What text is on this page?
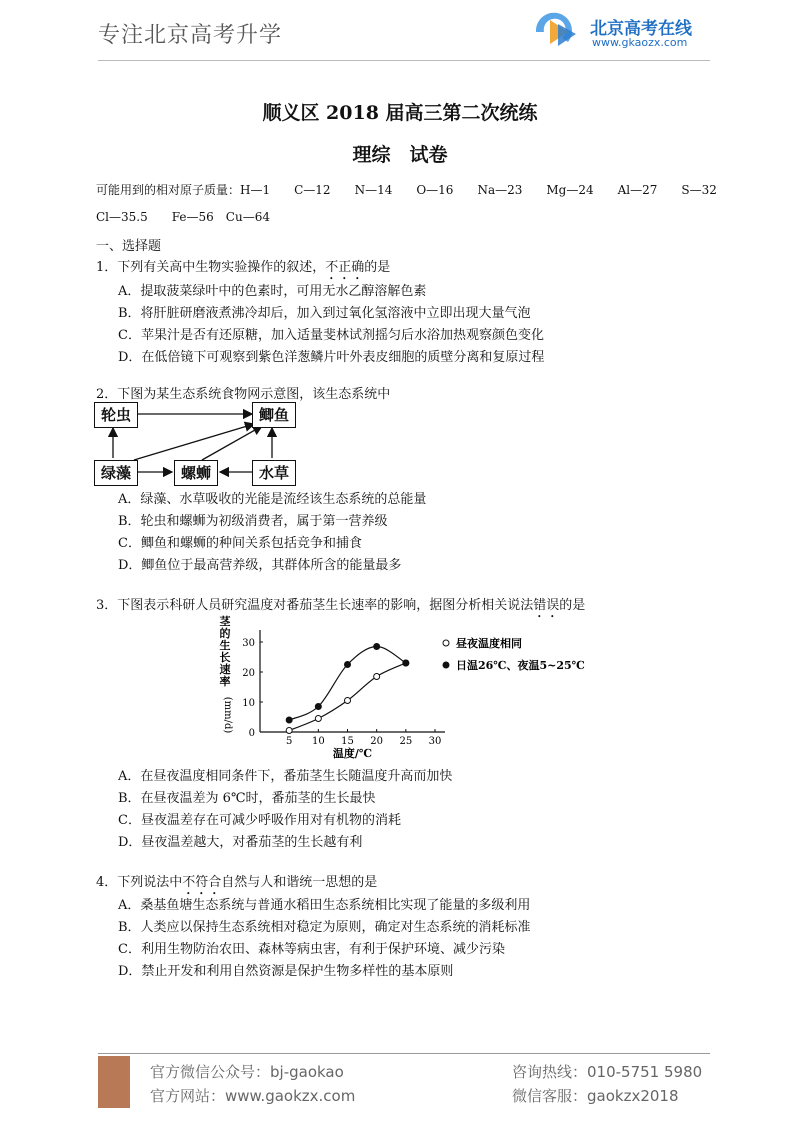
专注北京高考升学	北京高考在线
www.gkaozx.com
顺义区 2018 届高三第二次统练
理综　试卷
可能用到的相对原子质量：H—1　　C—12　　N—14　　O—16　　Na—23　　Mg—24　　Al—27　　S—32
Cl—35.5　　Fe—56　Cu—64
一、选择题
1．下列有关高中生物实验操作的叙述，不正确的是
A．提取菠菜绿叶中的色素时，可用无水乙醇溶解色素
B．将肝脏研磨液煮沸冷却后，加入到过氧化氢溶液中立即出现大量气泡
C．苹果汁是否有还原糖，加入适量斐林试剂摇匀后水浴加热观察颜色变化
D．在低倍镜下可观察到紫色洋葱鳞片叶外表皮细胞的质壁分离和复原过程
2．下图为某生态系统食物网示意图，该生态系统中
轮虫	鲫鱼
绿藻	螺蛳	水草
A．绿藻、水草吸收的光能是流经该生态系统的总能量
B．轮虫和螺蛳为初级消费者，属于第一营养级
C．鲫鱼和螺蛳的种间关系包括竞争和捕食
D．鲫鱼位于最高营养级，其群体所含的能量最多
3．下图表示科研人员研究温度对番茄茎生长速率的影响，据图分析相关说法错误的是
5 10 15 20 25 30
0
10
20
30
茎
的
生
长
速
率
(mm/d)
温度/℃
昼夜温度相同
日温26℃、夜温5~25℃
A．在昼夜温度相同条件下，番茄茎生长随温度升高而加快
B．在昼夜温差为 6℃时，番茄茎的生长最快
C．昼夜温差存在可减少呼吸作用对有机物的消耗
D．昼夜温差越大，对番茄茎的生长越有利
4．下列说法中不符合自然与人和谐统一思想的是
A．桑基鱼塘生态系统与普通水稻田生态系统相比实现了能量的多级利用
B．人类应以保持生态系统相对稳定为原则，确定对生态系统的消耗标准
C．利用生物防治农田、森林等病虫害，有利于保护环境、减少污染
D．禁止开发和利用自然资源是保护生物多样性的基本原则
官方微信公众号：bj-gaokao
官方网站：www.gaokzx.com
咨询热线：010-5751 5980
微信客服：gaokzx2018
